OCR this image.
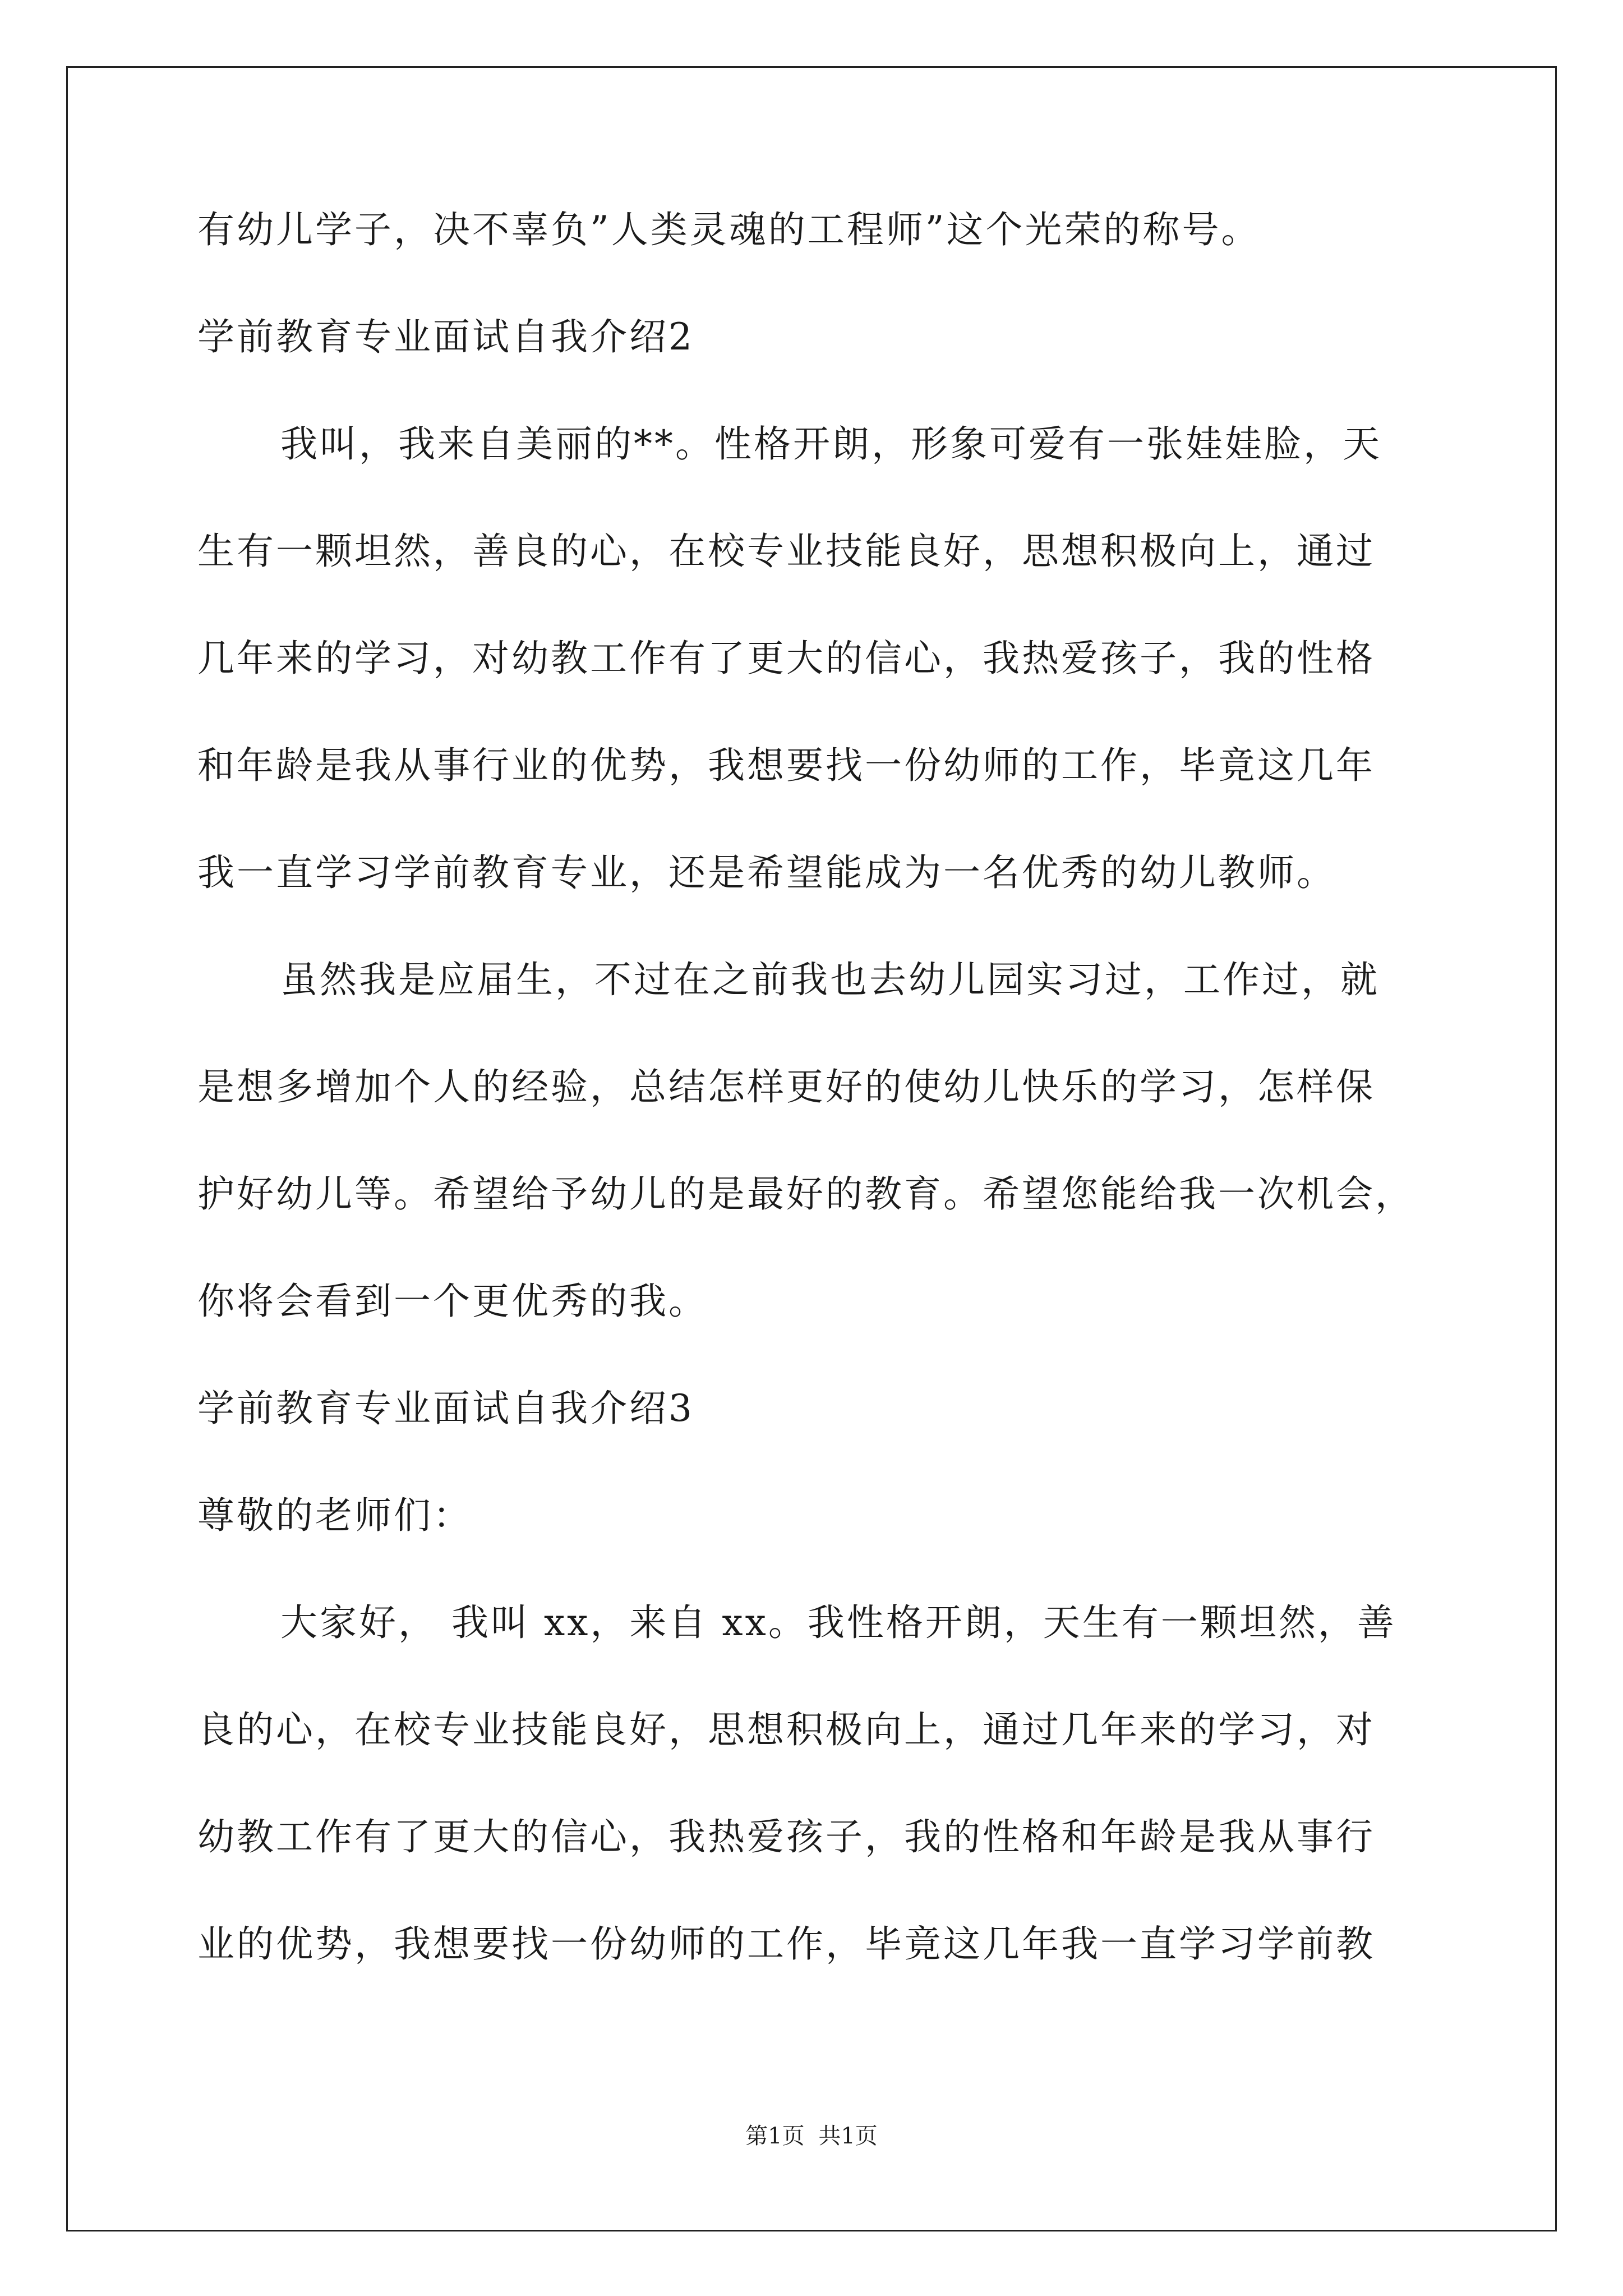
有幼儿学子，决不辜负”人类灵魂的工程师”这个光荣的称号。
学前教育专业面试自我介绍2
我叫，我来自美丽的**。性格开朗，形象可爱有一张娃娃脸，天
生有一颗坦然，善良的心，在校专业技能良好，思想积极向上，通过
几年来的学习，对幼教工作有了更大的信心，我热爱孩子，我的性格
和年龄是我从事行业的优势，我想要找一份幼师的工作，毕竟这几年
我一直学习学前教育专业，还是希望能成为一名优秀的幼儿教师。
虽然我是应届生，不过在之前我也去幼儿园实习过，工作过，就
是想多增加个人的经验，总结怎样更好的使幼儿快乐的学习，怎样保
护好幼儿等。希望给予幼儿的是最好的教育。希望您能给我一次机会，
你将会看到一个更优秀的我。
学前教育专业面试自我介绍3
尊敬的老师们：
大家好， 我叫 xx，来自 xx。我性格开朗，天生有一颗坦然，善
良的心，在校专业技能良好，思想积极向上，通过几年来的学习，对
幼教工作有了更大的信心，我热爱孩子，我的性格和年龄是我从事行
业的优势，我想要找一份幼师的工作，毕竟这几年我一直学习学前教
第1页 共1页
